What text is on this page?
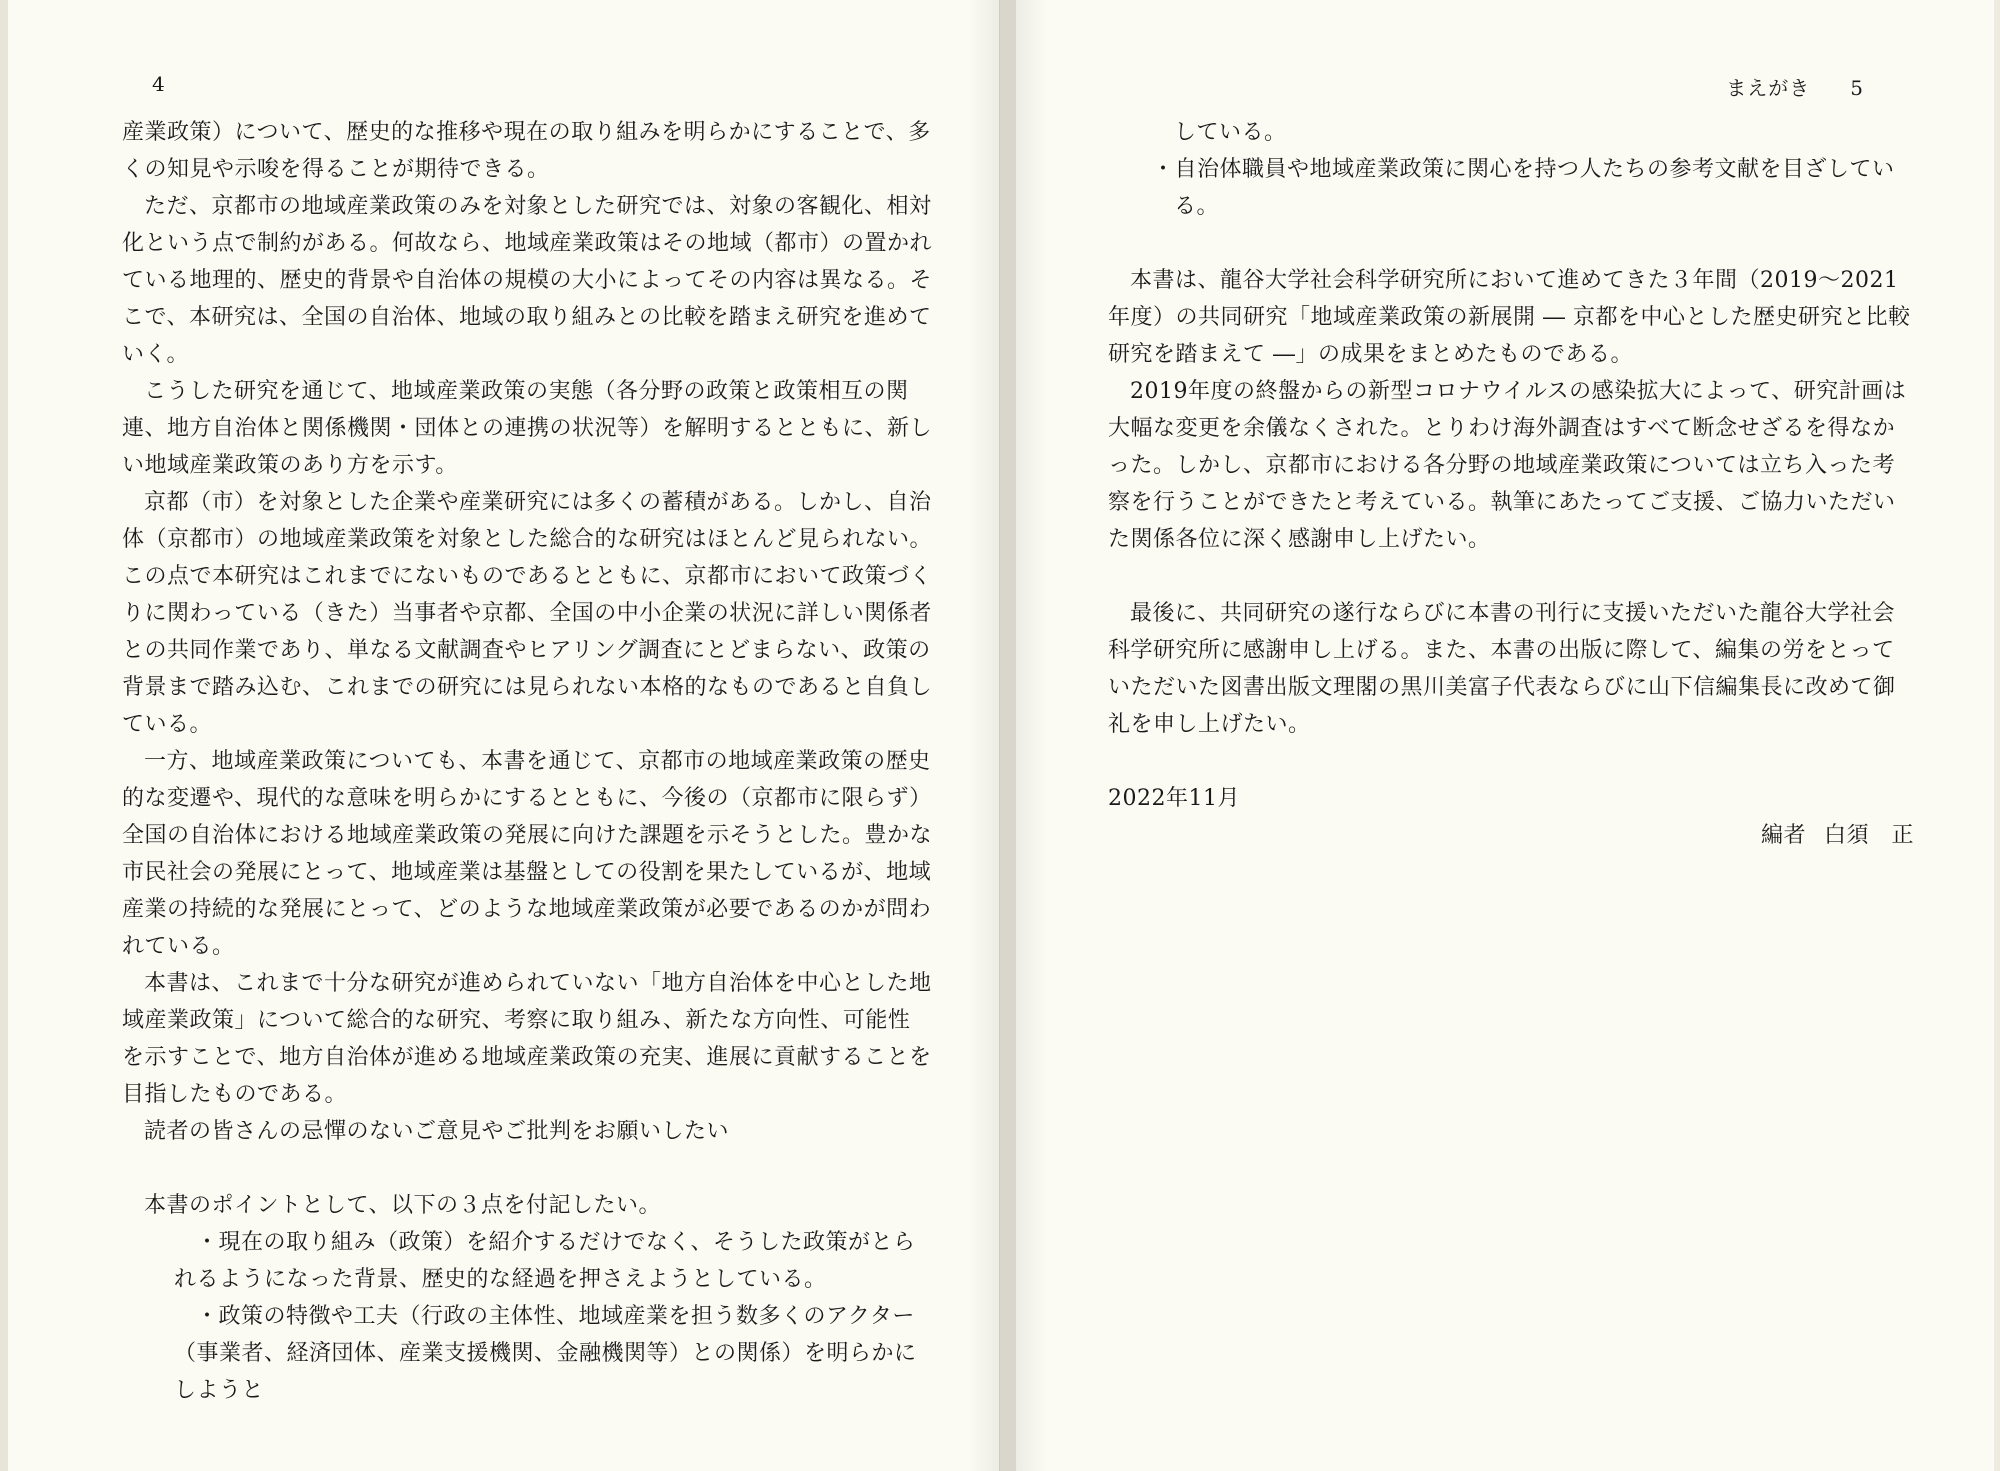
4

産業政策）について、歴史的な推移や現在の取り組みを明らかにすることで、多くの知見や示唆を得ることが期待できる。

ただ、京都市の地域産業政策のみを対象とした研究では、対象の客観化、相対化という点で制約がある。何故なら、地域産業政策はその地域（都市）の置かれている地理的、歴史的背景や自治体の規模の大小によってその内容は異なる。そこで、本研究は、全国の自治体、地域の取り組みとの比較を踏まえ研究を進めていく。

こうした研究を通じて、地域産業政策の実態（各分野の政策と政策相互の関連、地方自治体と関係機関・団体との連携の状況等）を解明するとともに、新しい地域産業政策のあり方を示す。

京都（市）を対象とした企業や産業研究には多くの蓄積がある。しかし、自治体（京都市）の地域産業政策を対象とした総合的な研究はほとんど見られない。この点で本研究はこれまでにないものであるとともに、京都市において政策づくりに関わっている（きた）当事者や京都、全国の中小企業の状況に詳しい関係者との共同作業であり、単なる文献調査やヒアリング調査にとどまらない、政策の背景まで踏み込む、これまでの研究には見られない本格的なものであると自負している。

一方、地域産業政策についても、本書を通じて、京都市の地域産業政策の歴史的な変遷や、現代的な意味を明らかにするとともに、今後の（京都市に限らず）全国の自治体における地域産業政策の発展に向けた課題を示そうとした。豊かな市民社会の発展にとって、地域産業は基盤としての役割を果たしているが、地域産業の持続的な発展にとって、どのような地域産業政策が必要であるのかが問われている。

本書は、これまで十分な研究が進められていない「地方自治体を中心とした地域産業政策」について総合的な研究、考察に取り組み、新たな方向性、可能性を示すことで、地方自治体が進める地域産業政策の充実、進展に貢献することを目指したものである。

読者の皆さんの忌憚のないご意見やご批判をお願いしたい

本書のポイントとして、以下の３点を付記したい。

・現在の取り組み（政策）を紹介するだけでなく、そうした政策がとられるようになった背景、歴史的な経過を押さえようとしている。

・政策の特徴や工夫（行政の主体性、地域産業を担う数多くのアクター（事業者、経済団体、産業支援機関、金融機関等）との関係）を明らかにしようと

まえがき 5

している。

・自治体職員や地域産業政策に関心を持つ人たちの参考文献を目ざしている。

本書は、龍谷大学社会科学研究所において進めてきた３年間（2019〜2021年度）の共同研究「地域産業政策の新展開 ― 京都を中心とした歴史研究と比較研究を踏まえて ―」の成果をまとめたものである。

2019年度の終盤からの新型コロナウイルスの感染拡大によって、研究計画は大幅な変更を余儀なくされた。とりわけ海外調査はすべて断念せざるを得なかった。しかし、京都市における各分野の地域産業政策については立ち入った考察を行うことができたと考えている。執筆にあたってご支援、ご協力いただいた関係各位に深く感謝申し上げたい。

最後に、共同研究の遂行ならびに本書の刊行に支援いただいた龍谷大学社会科学研究所に感謝申し上げる。また、本書の出版に際して、編集の労をとっていただいた図書出版文理閣の黒川美富子代表ならびに山下信編集長に改めて御礼を申し上げたい。

2022年11月

編者 白須　正
